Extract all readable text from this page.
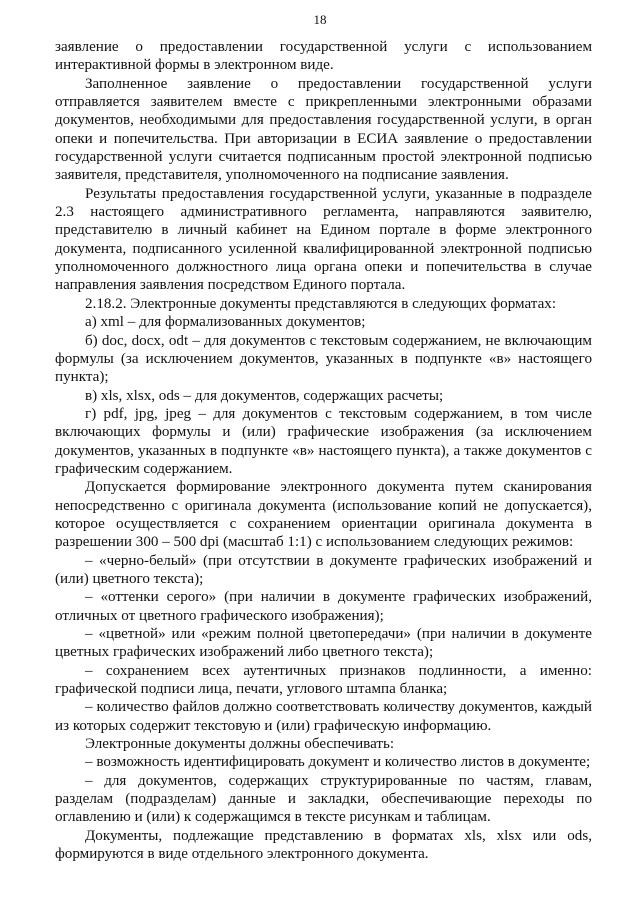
18

заявление о предоставлении государственной услуги с использованием интерактивной формы в электронном виде.

Заполненное заявление о предоставлении государственной услуги отправляется заявителем вместе с прикрепленными электронными образами документов, необходимыми для предоставления государственной услуги, в орган опеки и попечительства. При авторизации в ЕСИА заявление о предоставлении государственной услуги считается подписанным простой электронной подписью заявителя, представителя, уполномоченного на подписание заявления.

Результаты предоставления государственной услуги, указанные в подразделе 2.3 настоящего административного регламента, направляются заявителю, представителю в личный кабинет на Едином портале в форме электронного документа, подписанного усиленной квалифицированной электронной подписью уполномоченного должностного лица органа опеки и попечительства в случае направления заявления посредством Единого портала.

2.18.2. Электронные документы представляются в следующих форматах:

а) xml – для формализованных документов;

б) doc, docx, odt – для документов с текстовым содержанием, не включающим формулы (за исключением документов, указанных в подпункте «в» настоящего пункта);

в) xls, xlsx, ods – для документов, содержащих расчеты;

г) pdf, jpg, jpeg – для документов с текстовым содержанием, в том числе включающих формулы и (или) графические изображения (за исключением документов, указанных в подпункте «в» настоящего пункта), а также документов с графическим содержанием.

Допускается формирование электронного документа путем сканирования непосредственно с оригинала документа (использование копий не допускается), которое осуществляется с сохранением ориентации оригинала документа в разрешении 300 – 500 dpi (масштаб 1:1) с использованием следующих режимов:

– «черно-белый» (при отсутствии в документе графических изображений и (или) цветного текста);

– «оттенки серого» (при наличии в документе графических изображений, отличных от цветного графического изображения);

– «цветной» или «режим полной цветопередачи» (при наличии в документе цветных графических изображений либо цветного текста);

– сохранением всех аутентичных признаков подлинности, а именно: графической подписи лица, печати, углового штампа бланка;

– количество файлов должно соответствовать количеству документов, каждый из которых содержит текстовую и (или) графическую информацию.

Электронные документы должны обеспечивать:

– возможность идентифицировать документ и количество листов в документе;

– для документов, содержащих структурированные по частям, главам, разделам (подразделам) данные и закладки, обеспечивающие переходы по оглавлению и (или) к содержащимся в тексте рисункам и таблицам.

Документы, подлежащие представлению в форматах xls, xlsx или ods, формируются в виде отдельного электронного документа.
